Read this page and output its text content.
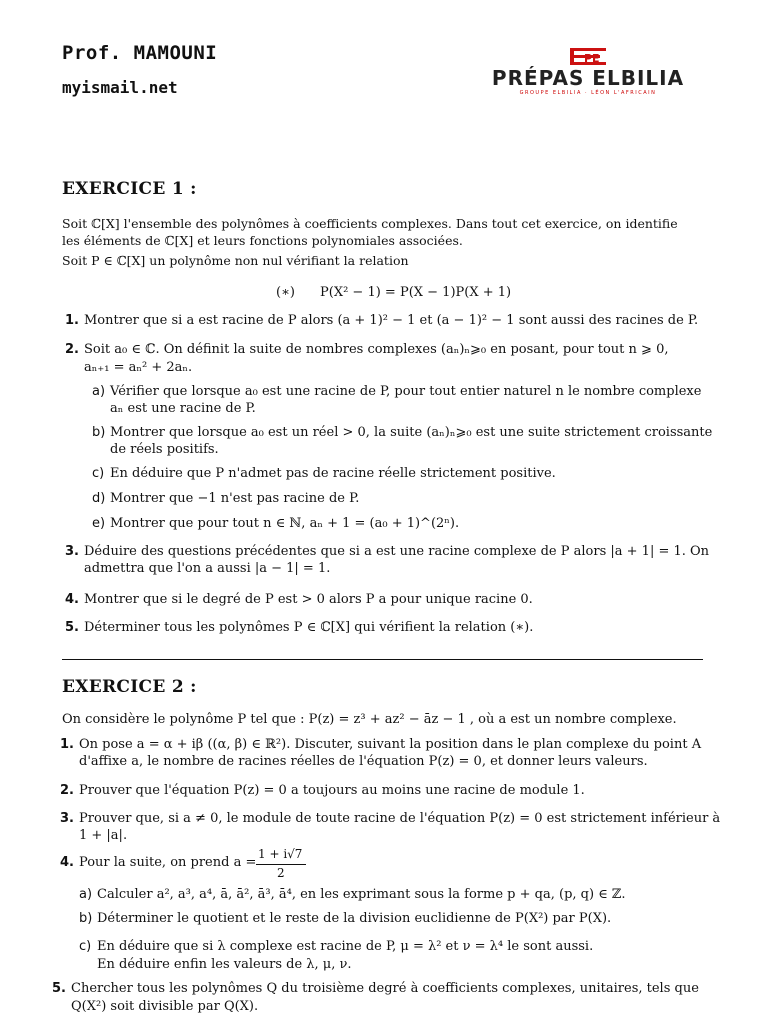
Prof. MAMOUNI
myismail.net
PE
PRÉPAS ELBILIA
GROUPE ELBILIA · LÉON L'AFRICAIN
EXERCICE 1 :
Soit ℂ[X] l'ensemble des polynômes à coefficients complexes. Dans tout cet exercice, on identifie
les éléments de ℂ[X] et leurs fonctions polynomiales associées.
Soit P ∈ ℂ[X] un polynôme non nul vérifiant la relation
(∗) P(X² − 1) = P(X − 1)P(X + 1)
1. Montrer que si a est racine de P alors (a + 1)² − 1 et (a − 1)² − 1 sont aussi des racines de P.
2. Soit a₀ ∈ ℂ. On définit la suite de nombres complexes (aₙ)ₙ⩾₀ en posant, pour tout n ⩾ 0,
aₙ₊₁ = aₙ² + 2aₙ.
a) Vérifier que lorsque a₀ est une racine de P, pour tout entier naturel n le nombre complexe
aₙ est une racine de P.
b) Montrer que lorsque a₀ est un réel > 0, la suite (aₙ)ₙ⩾₀ est une suite strictement croissante
de réels positifs.
c) En déduire que P n'admet pas de racine réelle strictement positive.
d) Montrer que −1 n'est pas racine de P.
e) Montrer que pour tout n ∈ ℕ, aₙ + 1 = (a₀ + 1)^(2ⁿ).
3. Déduire des questions précédentes que si a est une racine complexe de P alors |a + 1| = 1. On
admettra que l'on a aussi |a − 1| = 1.
4. Montrer que si le degré de P est > 0 alors P a pour unique racine 0.
5. Déterminer tous les polynômes P ∈ ℂ[X] qui vérifient la relation (∗).
EXERCICE 2 :
On considère le polynôme P tel que : P(z) = z³ + az² − āz − 1 , où a est un nombre complexe.
1. On pose a = α + iβ ((α, β) ∈ ℝ²). Discuter, suivant la position dans le plan complexe du point A
d'affixe a, le nombre de racines réelles de l'équation P(z) = 0, et donner leurs valeurs.
2. Prouver que l'équation P(z) = 0 a toujours au moins une racine de module 1.
3. Prouver que, si a ≠ 0, le module de toute racine de l'équation P(z) = 0 est strictement inférieur à
1 + |a|.
4. Pour la suite, on prend a =
1 + i√7
2
a) Calculer a², a³, a⁴, ā, ā², ā³, ā⁴, en les exprimant sous la forme p + qa, (p, q) ∈ ℤ.
b) Déterminer le quotient et le reste de la division euclidienne de P(X²) par P(X).
c) En déduire que si λ complexe est racine de P, μ = λ² et ν = λ⁴ le sont aussi.
En déduire enfin les valeurs de λ, μ, ν.
5. Chercher tous les polynômes Q du troisième degré à coefficients complexes, unitaires, tels que
Q(X²) soit divisible par Q(X).
